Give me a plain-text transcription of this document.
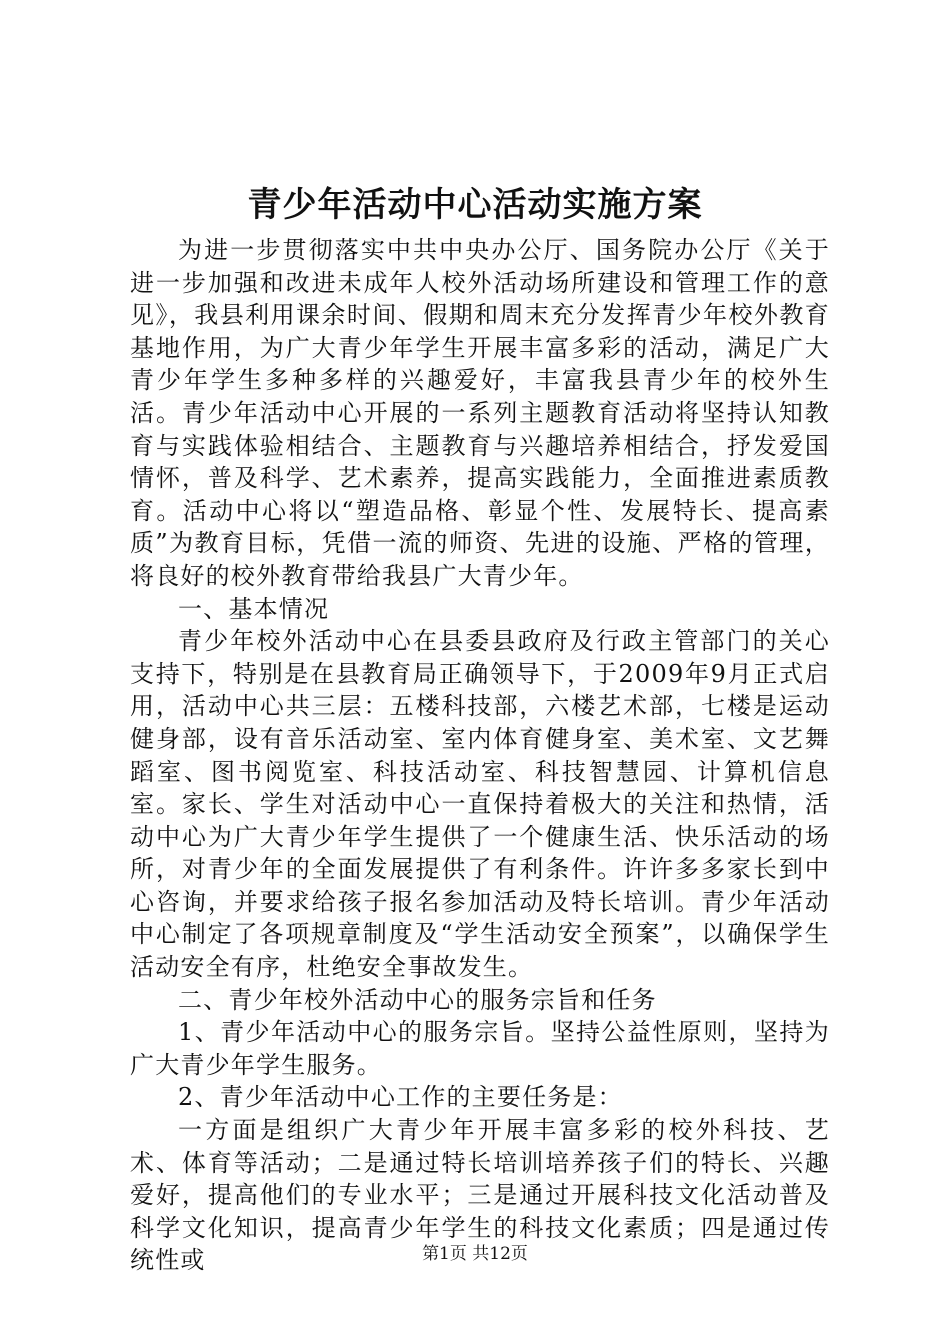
青少年活动中心活动实施方案

为进一步贯彻落实中共中央办公厅、国务院办公厅《关于进一步加强和改进未成年人校外活动场所建设和管理工作的意见》，我县利用课余时间、假期和周末充分发挥青少年校外教育基地作用，为广大青少年学生开展丰富多彩的活动，满足广大青少年学生多种多样的兴趣爱好，丰富我县青少年的校外生活。青少年活动中心开展的一系列主题教育活动将坚持认知教育与实践体验相结合、主题教育与兴趣培养相结合，抒发爱国情怀，普及科学、艺术素养，提高实践能力，全面推进素质教育。活动中心将以“塑造品格、彰显个性、发展特长、提高素质”为教育目标，凭借一流的师资、先进的设施、严格的管理，将良好的校外教育带给我县广大青少年。

一、基本情况

青少年校外活动中心在县委县政府及行政主管部门的关心支持下，特别是在县教育局正确领导下，于2009年9月正式启用，活动中心共三层：五楼科技部，六楼艺术部，七楼是运动健身部，设有音乐活动室、室内体育健身室、美术室、文艺舞蹈室、图书阅览室、科技活动室、科技智慧园、计算机信息室。家长、学生对活动中心一直保持着极大的关注和热情，活动中心为广大青少年学生提供了一个健康生活、快乐活动的场所，对青少年的全面发展提供了有利条件。许许多多家长到中心咨询，并要求给孩子报名参加活动及特长培训。青少年活动中心制定了各项规章制度及“学生活动安全预案”，以确保学生活动安全有序，杜绝安全事故发生。

二、青少年校外活动中心的服务宗旨和任务

1、青少年活动中心的服务宗旨。坚持公益性原则，坚持为广大青少年学生服务。

2、青少年活动中心工作的主要任务是：

一方面是组织广大青少年开展丰富多彩的校外科技、艺术、体育等活动；二是通过特长培训培养孩子们的特长、兴趣爱好，提高他们的专业水平；三是通过开展科技文化活动普及科学文化知识，提高青少年学生的科技文化素质；四是通过传统性或	第1页 共12页
